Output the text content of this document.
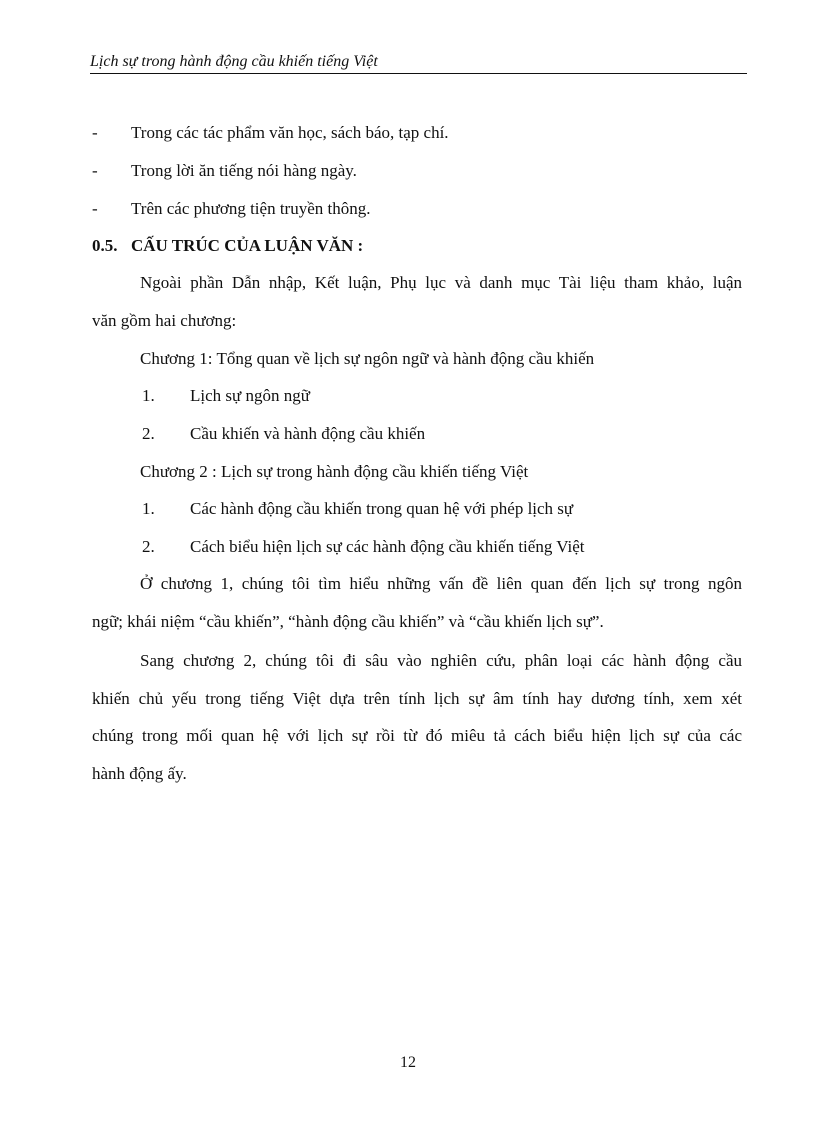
Lịch sự trong hành động cầu khiến tiếng Việt
- Trong các tác phẩm văn học, sách báo, tạp chí.
- Trong lời ăn tiếng nói hàng ngày.
- Trên các phương tiện truyền thông.
0.5. CẤU TRÚC CỦA LUẬN VĂN :
Ngoài phần Dẫn nhập, Kết luận, Phụ lục và danh mục Tài liệu tham khảo, luận
văn gồm hai chương:
Chương 1: Tổng quan về lịch sự ngôn ngữ và hành động cầu khiến
1. Lịch sự ngôn ngữ
2. Cầu khiến và hành động cầu khiến
Chương 2 : Lịch sự trong hành động cầu khiến tiếng Việt
1. Các hành động cầu khiến trong quan hệ với phép lịch sự
2. Cách biểu hiện lịch sự các hành động cầu khiến tiếng Việt
Ở chương 1, chúng tôi tìm hiểu những vấn đề liên quan đến lịch sự trong ngôn
ngữ; khái niệm “cầu khiến”, “hành động cầu khiến” và “cầu khiến lịch sự”.
Sang chương 2, chúng tôi đi sâu vào nghiên cứu, phân loại các hành động cầu
khiến chủ yếu trong tiếng Việt dựa trên tính lịch sự âm tính hay dương tính, xem xét
chúng trong mối quan hệ với lịch sự rồi từ đó miêu tả cách biểu hiện lịch sự của các
hành động ấy.
12
